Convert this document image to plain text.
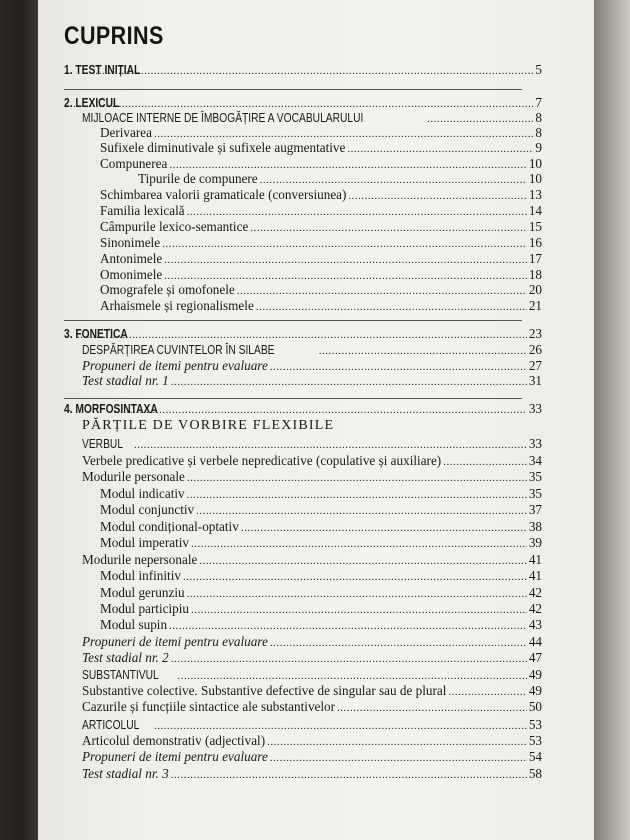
CUPRINS
1. TEST INIȚIAL .....	5
2. LEXICUL .....	7
MIJLOACE INTERNE DE ÎMBOGĂȚIRE A VOCABULARULUI .....	8
Derivarea .....	8
Sufixele diminutivale și sufixele augmentative .....	9
Compunerea .....	10
Tipurile de compunere .....	10
Schimbarea valorii gramaticale (conversiunea) .....	13
Familia lexicală .....	14
Câmpurile lexico-semantice .....	15
Sinonimele .....	16
Antonimele .....	17
Omonimele .....	18
Omografele și omofonele .....	20
Arhaismele și regionalismele .....	21
3. FONETICA .....	23
DESPĂRȚIREA CUVINTELOR ÎN SILABE .....	26
Propuneri de itemi pentru evaluare .....	27
Test stadial nr. 1 .....	31
4. MORFOSINTAXA .....	33
PĂRȚILE DE VORBIRE FLEXIBILE
VERBUL .....	33
Verbele predicative și verbele nepredicative (copulative și auxiliare) .....	34
Modurile personale .....	35
Modul indicativ .....	35
Modul conjunctiv .....	37
Modul condițional-optativ .....	38
Modul imperativ .....	39
Modurile nepersonale .....	41
Modul infinitiv .....	41
Modul gerunziu .....	42
Modul participiu .....	42
Modul supin .....	43
Propuneri de itemi pentru evaluare .....	44
Test stadial nr. 2 .....	47
SUBSTANTIVUL .....	49
Substantive colective. Substantive defective de singular sau de plural .....	49
Cazurile și funcțiile sintactice ale substantivelor .....	50
ARTICOLUL .....	53
Articolul demonstrativ (adjectival) .....	53
Propuneri de itemi pentru evaluare .....	54
Test stadial nr. 3 .....	58
